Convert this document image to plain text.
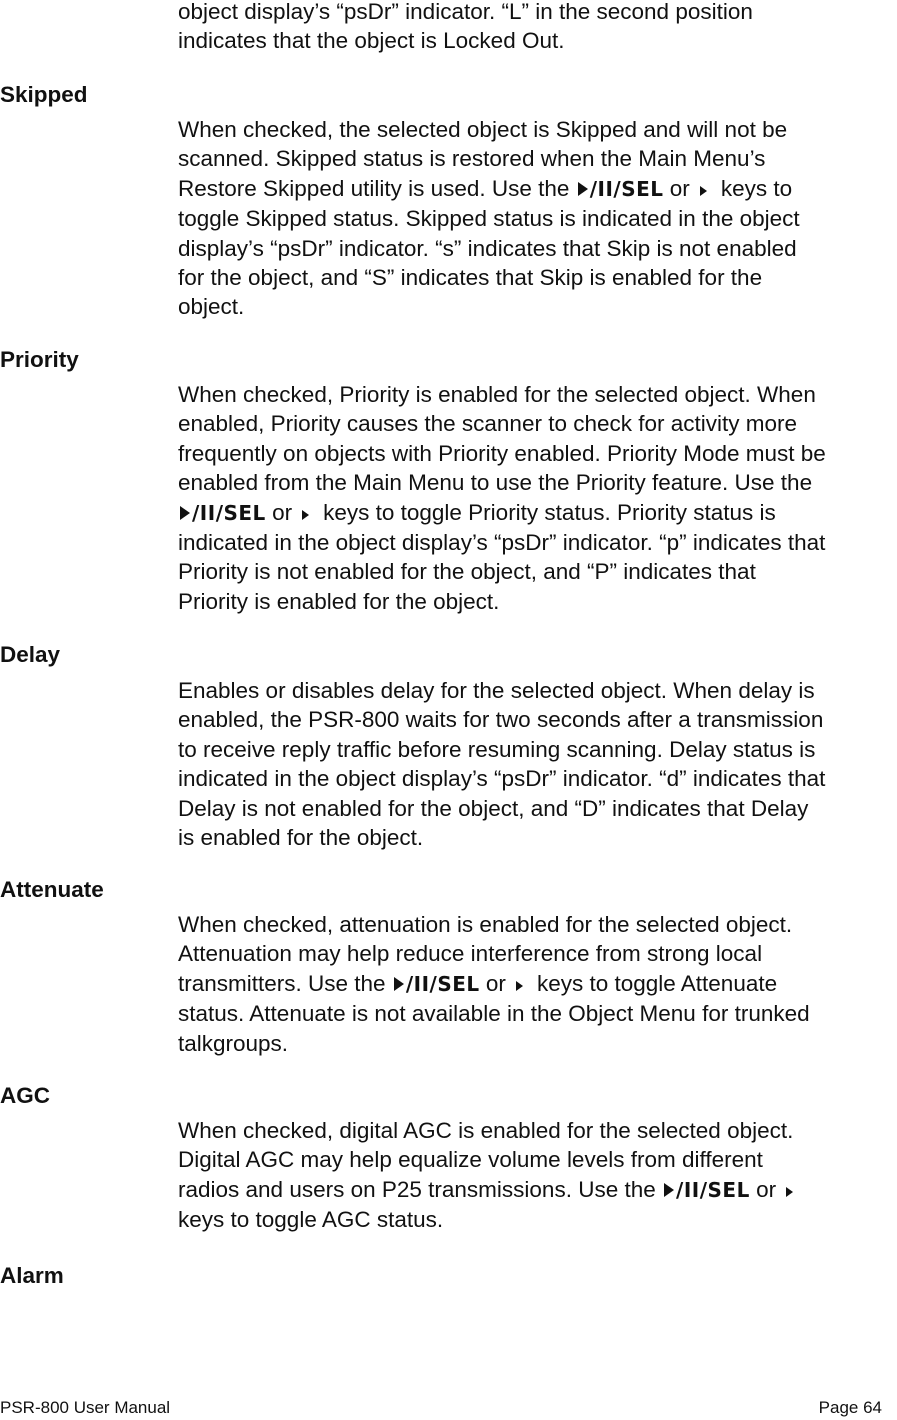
object display’s “psDr” indicator. “L” in the second position
indicates that the object is Locked Out.
Skipped
When checked, the selected object is Skipped and will not be
scanned. Skipped status is restored when the Main Menu’s
Restore Skipped utility is used. Use the /II/SEL or keys to
toggle Skipped status. Skipped status is indicated in the object
display’s “psDr” indicator. “s” indicates that Skip is not enabled
for the object, and “S” indicates that Skip is enabled for the
object.
Priority
When checked, Priority is enabled for the selected object. When
enabled, Priority causes the scanner to check for activity more
frequently on objects with Priority enabled. Priority Mode must be
enabled from the Main Menu to use the Priority feature. Use the
/II/SEL or keys to toggle Priority status. Priority status is
indicated in the object display’s “psDr” indicator. “p” indicates that
Priority is not enabled for the object, and “P” indicates that
Priority is enabled for the object.
Delay
Enables or disables delay for the selected object. When delay is
enabled, the PSR-800 waits for two seconds after a transmission
to receive reply traffic before resuming scanning. Delay status is
indicated in the object display’s “psDr” indicator. “d” indicates that
Delay is not enabled for the object, and “D” indicates that Delay
is enabled for the object.
Attenuate
When checked, attenuation is enabled for the selected object.
Attenuation may help reduce interference from strong local
transmitters. Use the /II/SEL or keys to toggle Attenuate
status. Attenuate is not available in the Object Menu for trunked
talkgroups.
AGC
When checked, digital AGC is enabled for the selected object.
Digital AGC may help equalize volume levels from different
radios and users on P25 transmissions. Use the /II/SEL or
keys to toggle AGC status.
Alarm
PSR-800 User Manual	Page 64
